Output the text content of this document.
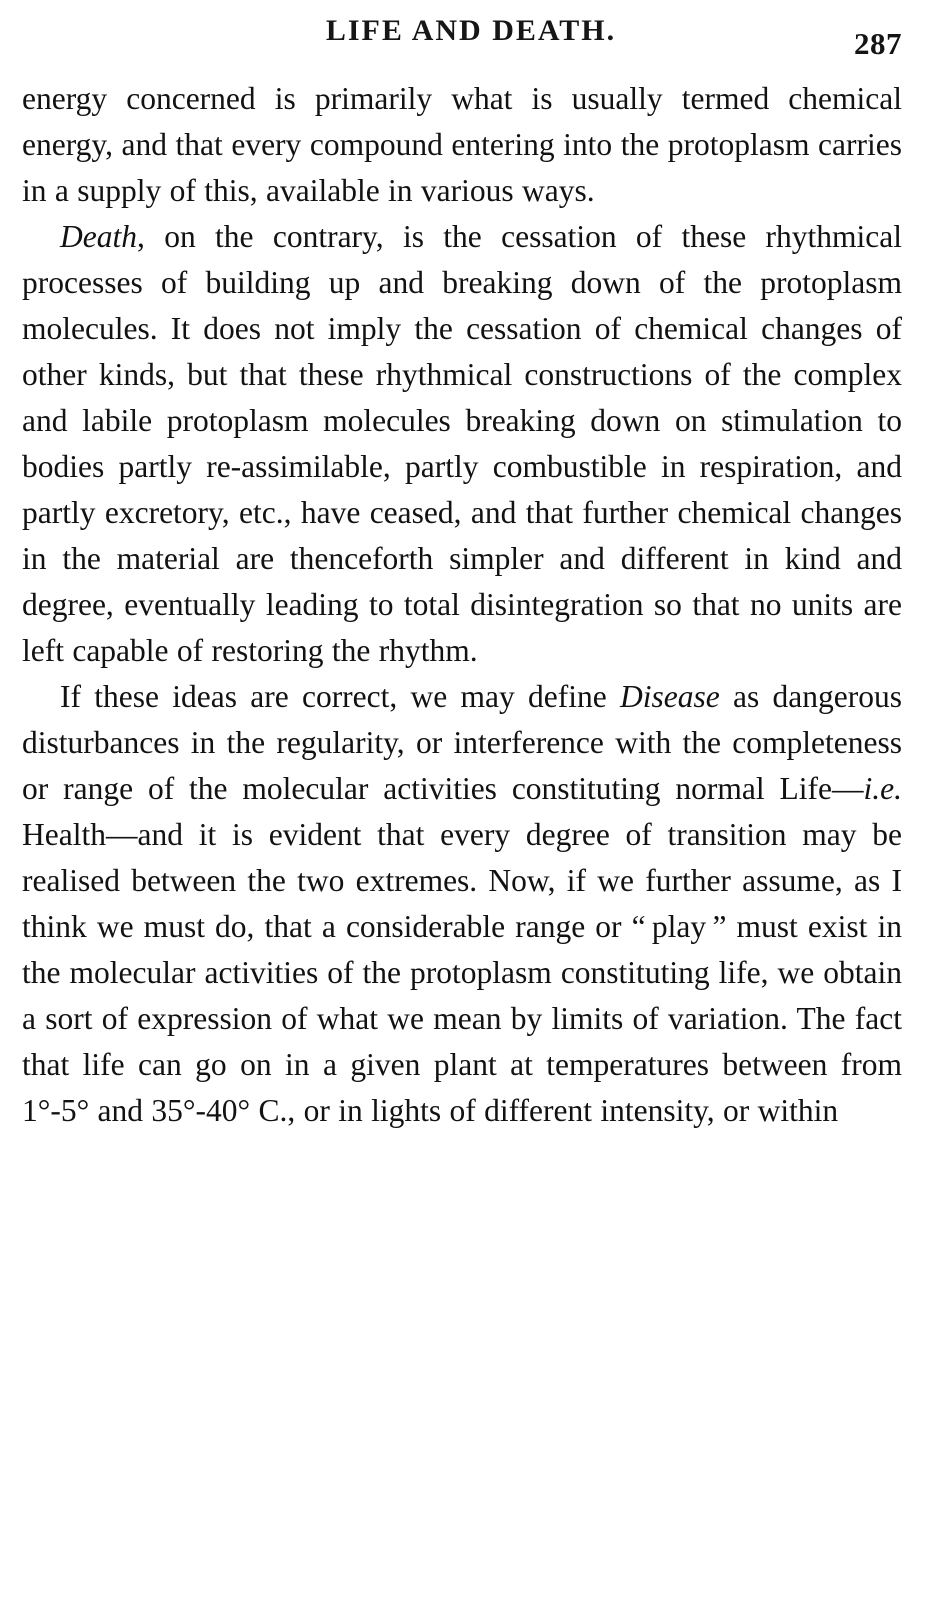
LIFE AND DEATH.	287

energy concerned is primarily what is usually termed chemical energy, and that every compound entering into the protoplasm carries in a supply of this, available in various ways.

Death, on the contrary, is the cessation of these rhythmical processes of building up and breaking down of the protoplasm molecules. It does not imply the cessation of chemical changes of other kinds, but that these rhythmical constructions of the complex and labile protoplasm molecules breaking down on stimulation to bodies partly re-assimilable, partly combustible in respiration, and partly excretory, etc., have ceased, and that further chemical changes in the material are thenceforth simpler and different in kind and degree, eventually leading to total disintegration so that no units are left capable of restoring the rhythm.

If these ideas are correct, we may define Disease as dangerous disturbances in the regularity, or interference with the completeness or range of the molecular activities constituting normal Life—i.e. Health—and it is evident that every degree of transition may be realised between the two extremes. Now, if we further assume, as I think we must do, that a considerable range or “ play ” must exist in the molecular activities of the protoplasm constituting life, we obtain a sort of expression of what we mean by limits of variation. The fact that life can go on in a given plant at temperatures between from 1°-5° and 35°-40° C., or in lights of different intensity, or within
